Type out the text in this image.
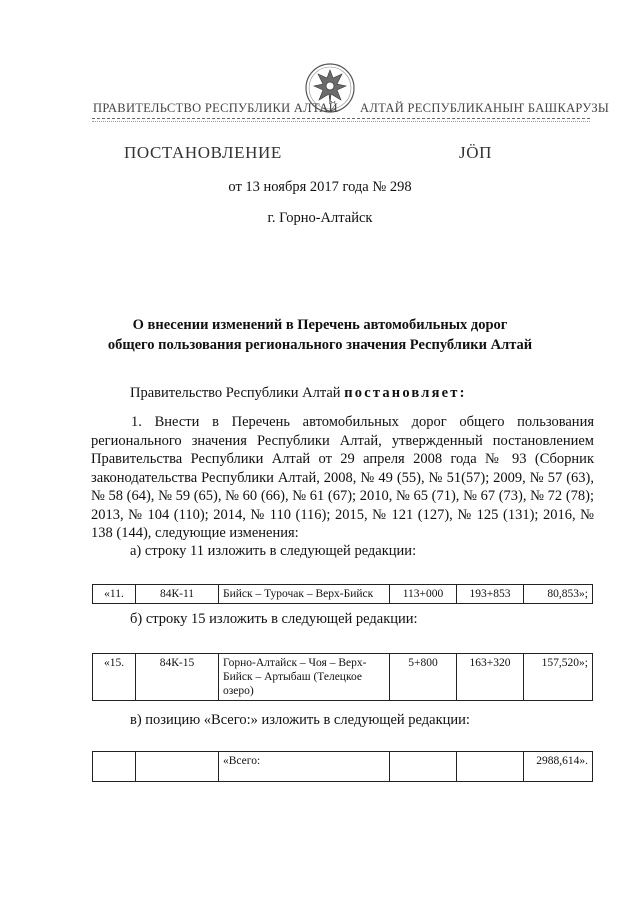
ПРАВИТЕЛЬСТВО РЕСПУБЛИКИ АЛТАЙ АЛТАЙ РЕСПУБЛИКАНЫҤ БАШКАРУЗЫ
ПОСТАНОВЛЕНИЕ	ЈӦП
от 13 ноября 2017 года № 298
г. Горно-Алтайск
О внесении изменений в Перечень автомобильных дорог
общего пользования регионального значения Республики Алтай
Правительство Республики Алтай постановляет:
1. Внести в Перечень автомобильных дорог общего пользования регионального значения Республики Алтай, утвержденный постановлением Правительства Республики Алтай от 29 апреля 2008 года № 93 (Сборник законодательства Республики Алтай, 2008, № 49 (55), № 51(57); 2009, № 57 (63), № 58 (64), № 59 (65), № 60 (66), № 61 (67); 2010, № 65 (71), № 67 (73), № 72 (78); 2013, № 104 (110); 2014, № 110 (116); 2015, № 121 (127), № 125 (131); 2016, № 138 (144), следующие изменения:
а) строку 11 изложить в следующей редакции:
«11.	84К-11	Бийск – Турочак – Верх-Бийск	113+000	193+853	80,853»;
б) строку 15 изложить в следующей редакции:
«15.	84К-15	Горно-Алтайск – Чоя – Верх-Бийск – Артыбаш (Телецкое озеро)	5+800	163+320	157,520»;
в) позицию «Всего:» изложить в следующей редакции:
		«Всего:			2988,614».
